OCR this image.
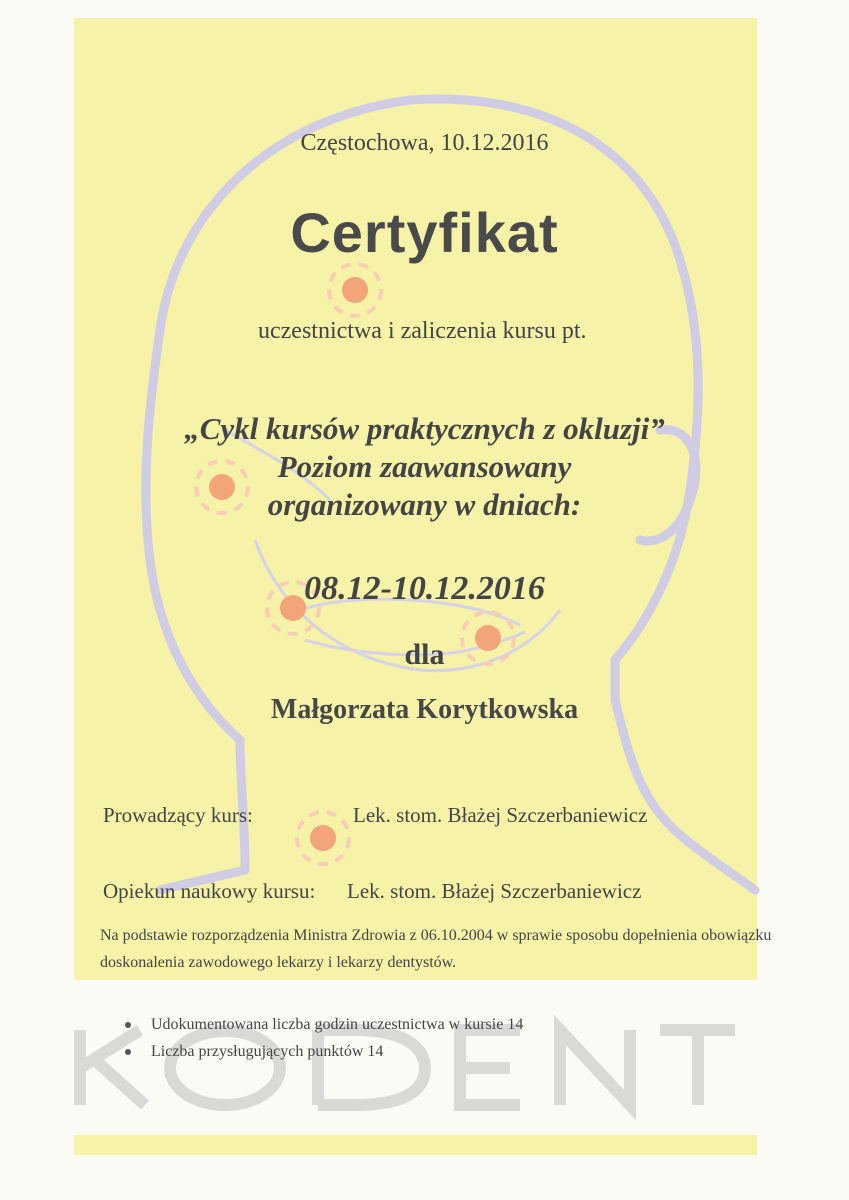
Częstochowa, 10.12.2016
Certyfikat
uczestnictwa i zaliczenia kursu pt.
„Cykl kursów praktycznych z okluzji”
Poziom zaawansowany
organizowany w dniach:
08.12-10.12.2016
dla
Małgorzata Korytkowska
Prowadzący kurs:	Lek. stom. Błażej Szczerbaniewicz
Opiekun naukowy kursu: Lek. stom. Błażej Szczerbaniewicz
Na podstawie rozporządzenia Ministra Zdrowia z 06.10.2004 w sprawie sposobu dopełnienia obowiązku doskonalenia zawodowego lekarzy i lekarzy dentystów.
Udokumentowana liczba godzin uczestnictwa w kursie 14
Liczba przysługujących punktów 14
